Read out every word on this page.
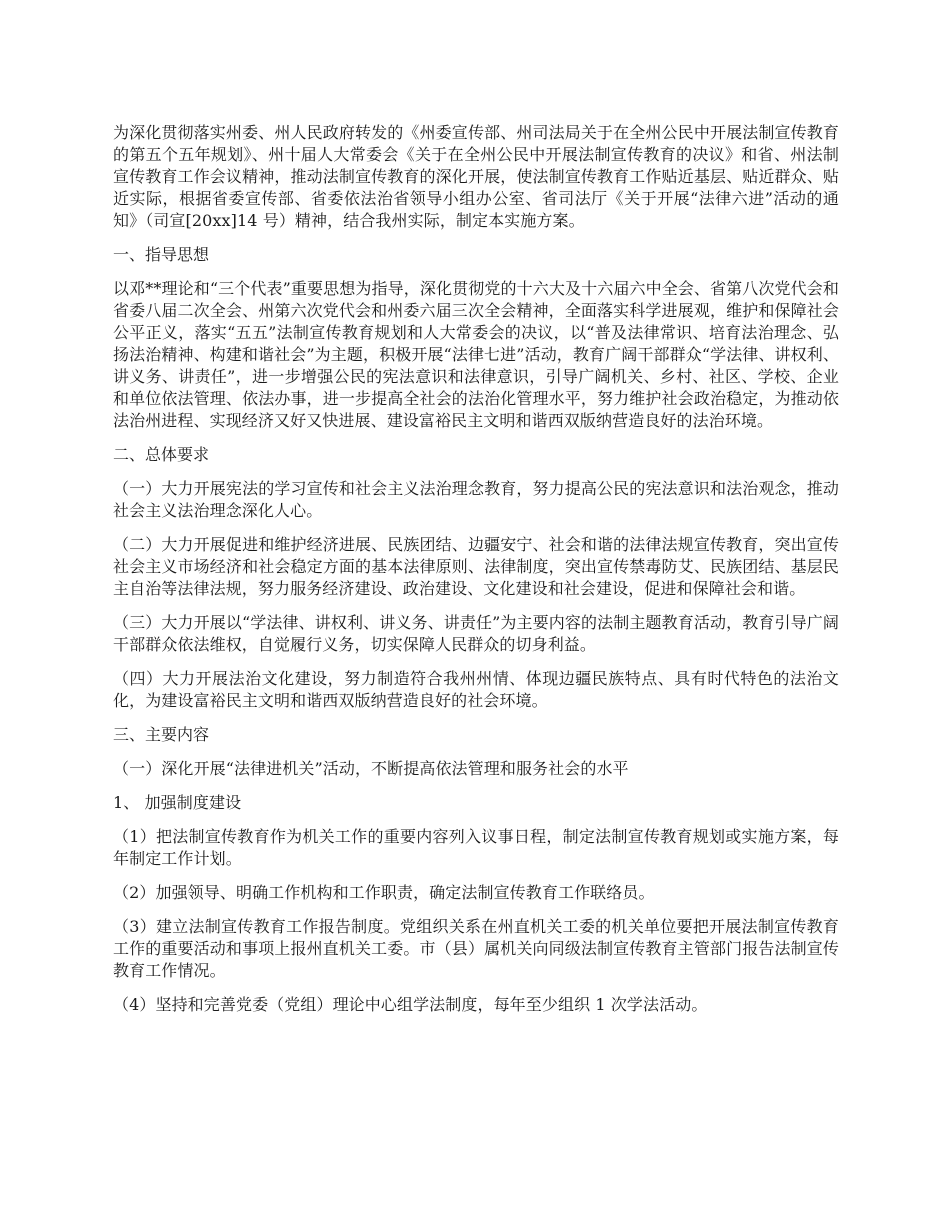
为深化贯彻落实州委、州人民政府转发的《州委宣传部、州司法局关于在全州公民中开展法制宣传教育的第五个五年规划》、州十届人大常委会《关于在全州公民中开展法制宣传教育的决议》和省、州法制宣传教育工作会议精神，推动法制宣传教育的深化开展，使法制宣传教育工作贴近基层、贴近群众、贴近实际，根据省委宣传部、省委依法治省领导小组办公室、省司法厅《关于开展“法律六进”活动的通知》（司宣[20xx]14 号）精神，结合我州实际，制定本实施方案。

一、指导思想

以邓**理论和“三个代表”重要思想为指导，深化贯彻党的十六大及十六届六中全会、省第八次党代会和省委八届二次全会、州第六次党代会和州委六届三次全会精神，全面落实科学进展观，维护和保障社会公平正义，落实“五五”法制宣传教育规划和人大常委会的决议，以“普及法律常识、培育法治理念、弘扬法治精神、构建和谐社会”为主题，积极开展“法律七进”活动，教育广阔干部群众“学法律、讲权利、讲义务、讲责任”，进一步增强公民的宪法意识和法律意识，引导广阔机关、乡村、社区、学校、企业和单位依法管理、依法办事，进一步提高全社会的法治化管理水平，努力维护社会政治稳定，为推动依法治州进程、实现经济又好又快进展、建设富裕民主文明和谐西双版纳营造良好的法治环境。

二、总体要求

（一）大力开展宪法的学习宣传和社会主义法治理念教育，努力提高公民的宪法意识和法治观念，推动社会主义法治理念深化人心。

（二）大力开展促进和维护经济进展、民族团结、边疆安宁、社会和谐的法律法规宣传教育，突出宣传社会主义市场经济和社会稳定方面的基本法律原则、法律制度，突出宣传禁毒防艾、民族团结、基层民主自治等法律法规，努力服务经济建设、政治建设、文化建设和社会建设，促进和保障社会和谐。

（三）大力开展以“学法律、讲权利、讲义务、讲责任”为主要内容的法制主题教育活动，教育引导广阔干部群众依法维权，自觉履行义务，切实保障人民群众的切身利益。

（四）大力开展法治文化建设，努力制造符合我州州情、体现边疆民族特点、具有时代特色的法治文化，为建设富裕民主文明和谐西双版纳营造良好的社会环境。

三、主要内容

（一）深化开展“法律进机关”活动，不断提高依法管理和服务社会的水平

1、 加强制度建设

（1）把法制宣传教育作为机关工作的重要内容列入议事日程，制定法制宣传教育规划或实施方案，每年制定工作计划。

（2）加强领导、明确工作机构和工作职责，确定法制宣传教育工作联络员。

（3）建立法制宣传教育工作报告制度。党组织关系在州直机关工委的机关单位要把开展法制宣传教育工作的重要活动和事项上报州直机关工委。市（县）属机关向同级法制宣传教育主管部门报告法制宣传教育工作情况。

（4）坚持和完善党委（党组）理论中心组学法制度，每年至少组织 1 次学法活动。
